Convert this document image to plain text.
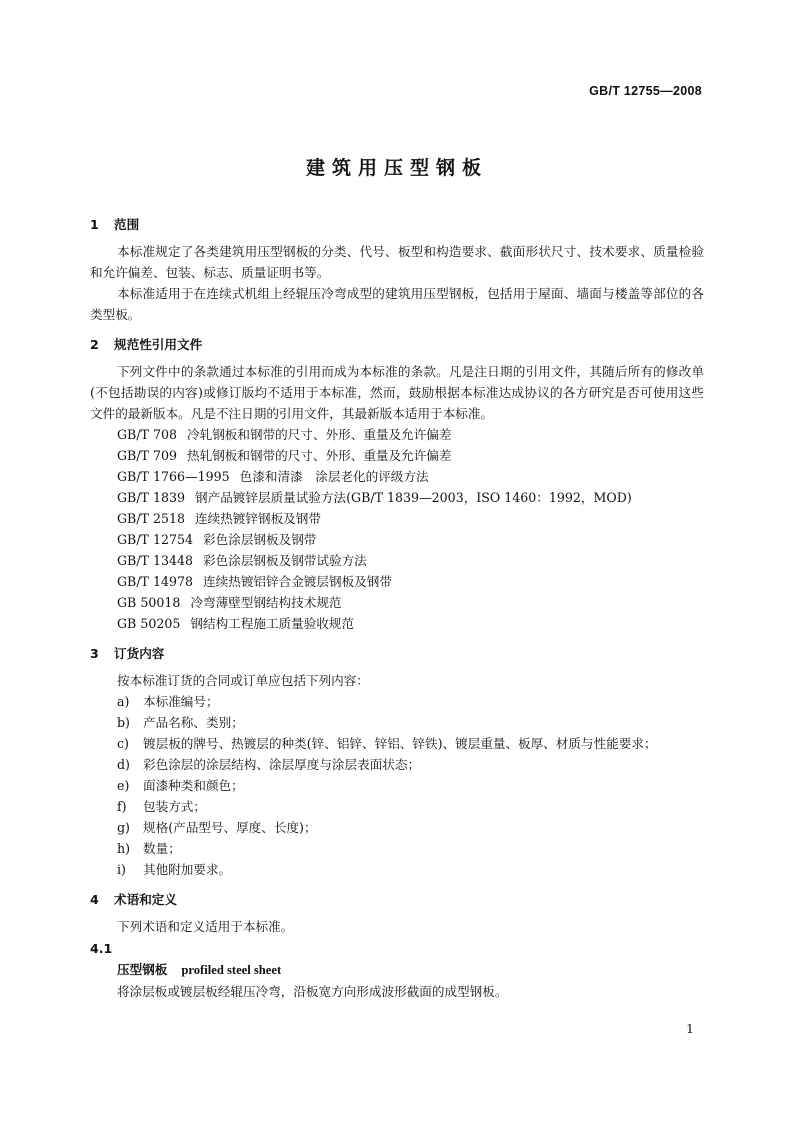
GB/T 12755—2008
建筑用压型钢板
1 范围
本标准规定了各类建筑用压型钢板的分类、代号、板型和构造要求、截面形状尺寸、技术要求、质量检验和允许偏差、包装、标志、质量证明书等。
本标准适用于在连续式机组上经辊压冷弯成型的建筑用压型钢板，包括用于屋面、墙面与楼盖等部位的各类型板。
2 规范性引用文件
下列文件中的条款通过本标准的引用而成为本标准的条款。凡是注日期的引用文件，其随后所有的修改单(不包括勘误的内容)或修订版均不适用于本标准，然而，鼓励根据本标准达成协议的各方研究是否可使用这些文件的最新版本。凡是不注日期的引用文件，其最新版本适用于本标准。
GB/T 708 冷轧钢板和钢带的尺寸、外形、重量及允许偏差
GB/T 709 热轧钢板和钢带的尺寸、外形、重量及允许偏差
GB/T 1766—1995 色漆和清漆　涂层老化的评级方法
GB/T 1839 钢产品镀锌层质量试验方法(GB/T 1839—2003，ISO 1460：1992，MOD)
GB/T 2518 连续热镀锌钢板及钢带
GB/T 12754 彩色涂层钢板及钢带
GB/T 13448 彩色涂层钢板及钢带试验方法
GB/T 14978 连续热镀铝锌合金镀层钢板及钢带
GB 50018 冷弯薄壁型钢结构技术规范
GB 50205 钢结构工程施工质量验收规范
3 订货内容
按本标准订货的合同或订单应包括下列内容：
a) 本标准编号；
b) 产品名称、类别；
c) 镀层板的牌号、热镀层的种类(锌、铝锌、锌铝、锌铁)、镀层重量、板厚、材质与性能要求；
d) 彩色涂层的涂层结构、涂层厚度与涂层表面状态；
e) 面漆种类和颜色；
f) 包装方式；
g) 规格(产品型号、厚度、长度)；
h) 数量；
i) 其他附加要求。
4 术语和定义
下列术语和定义适用于本标准。
4.1
压型钢板 profiled steel sheet
将涂层板或镀层板经辊压冷弯，沿板宽方向形成波形截面的成型钢板。
1
